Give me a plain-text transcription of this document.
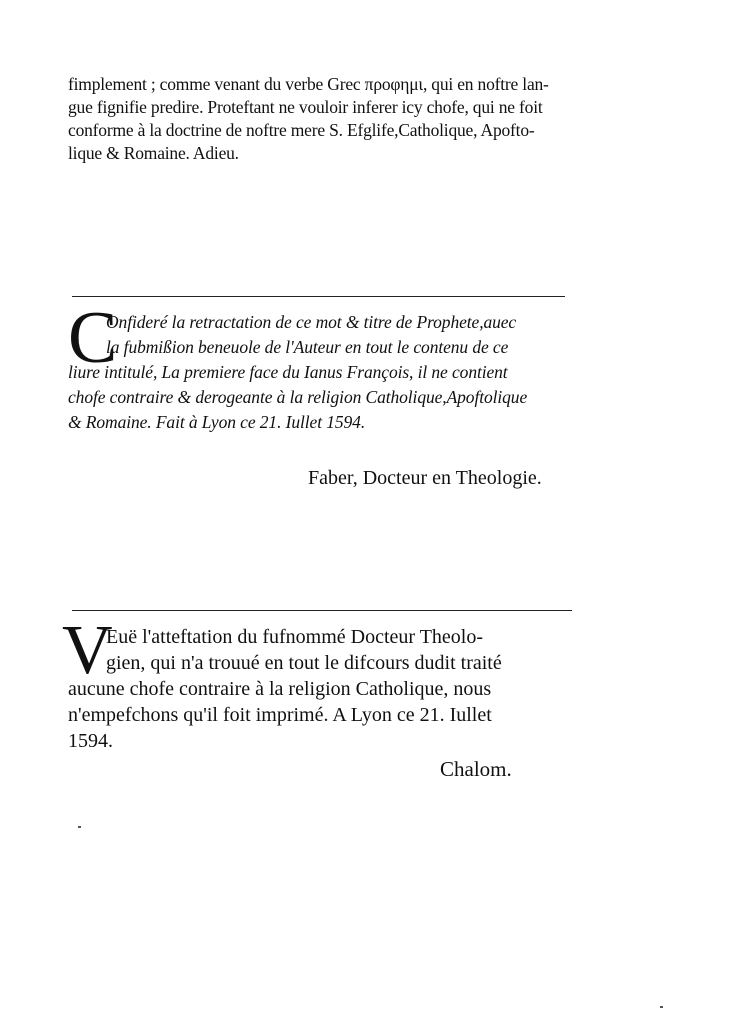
fimplement ; comme venant du verbe Grec προφημι, qui en noftre lan-
gue fignifie predire. Proteftant ne vouloir inferer icy chofe, qui ne foit
conforme à la doctrine de noftre mere S. Efglife,Catholique, Apofto-
lique & Romaine. Adieu.
C
Onfideré la retractation de ce mot & titre de Prophete,auec
la fubmißion beneuole de l'Auteur en tout le contenu de ce
liure intitulé, La premiere face du Ianus François, il ne contient
chofe contraire & derogeante à la religion Catholique,Apoftolique
& Romaine. Fait à Lyon ce 21. Iullet 1594.
Faber, Docteur en Theologie.
V
Euë l'atteftation du fufnommé Docteur Theolo-
gien, qui n'a trouué en tout le difcours dudit traité
aucune chofe contraire à la religion Catholique, nous
n'empefchons qu'il foit imprimé. A Lyon ce 21. Iullet
1594.
Chalom.
